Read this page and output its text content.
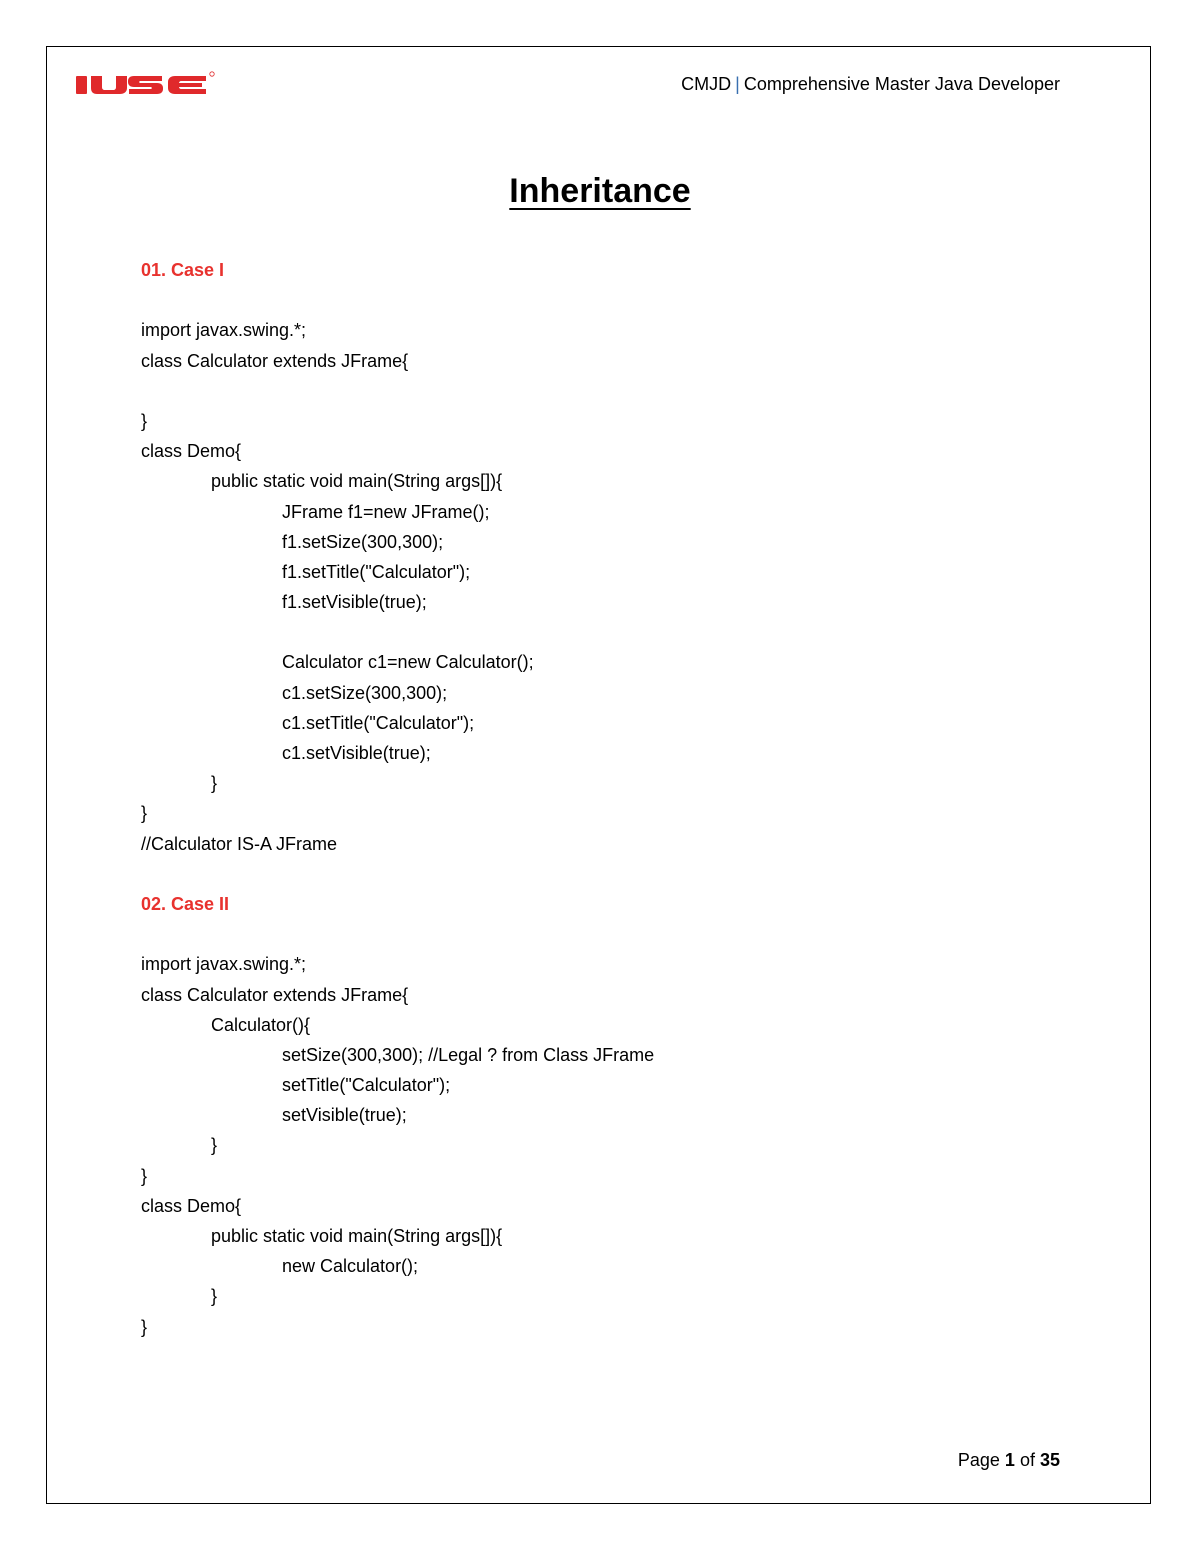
CMJD | Comprehensive Master Java Developer
Inheritance
01. Case I
import javax.swing.*;
class Calculator extends JFrame{
}
class Demo{
public static void main(String args[]){
JFrame f1=new JFrame();
f1.setSize(300,300);
f1.setTitle("Calculator");
f1.setVisible(true);
Calculator c1=new Calculator();
c1.setSize(300,300);
c1.setTitle("Calculator");
c1.setVisible(true);
}
}
//Calculator IS-A JFrame
02. Case II
import javax.swing.*;
class Calculator extends JFrame{
Calculator(){
setSize(300,300); //Legal ? from Class JFrame
setTitle("Calculator");
setVisible(true);
}
}
class Demo{
public static void main(String args[]){
new Calculator();
}
}
Page 1 of 35
